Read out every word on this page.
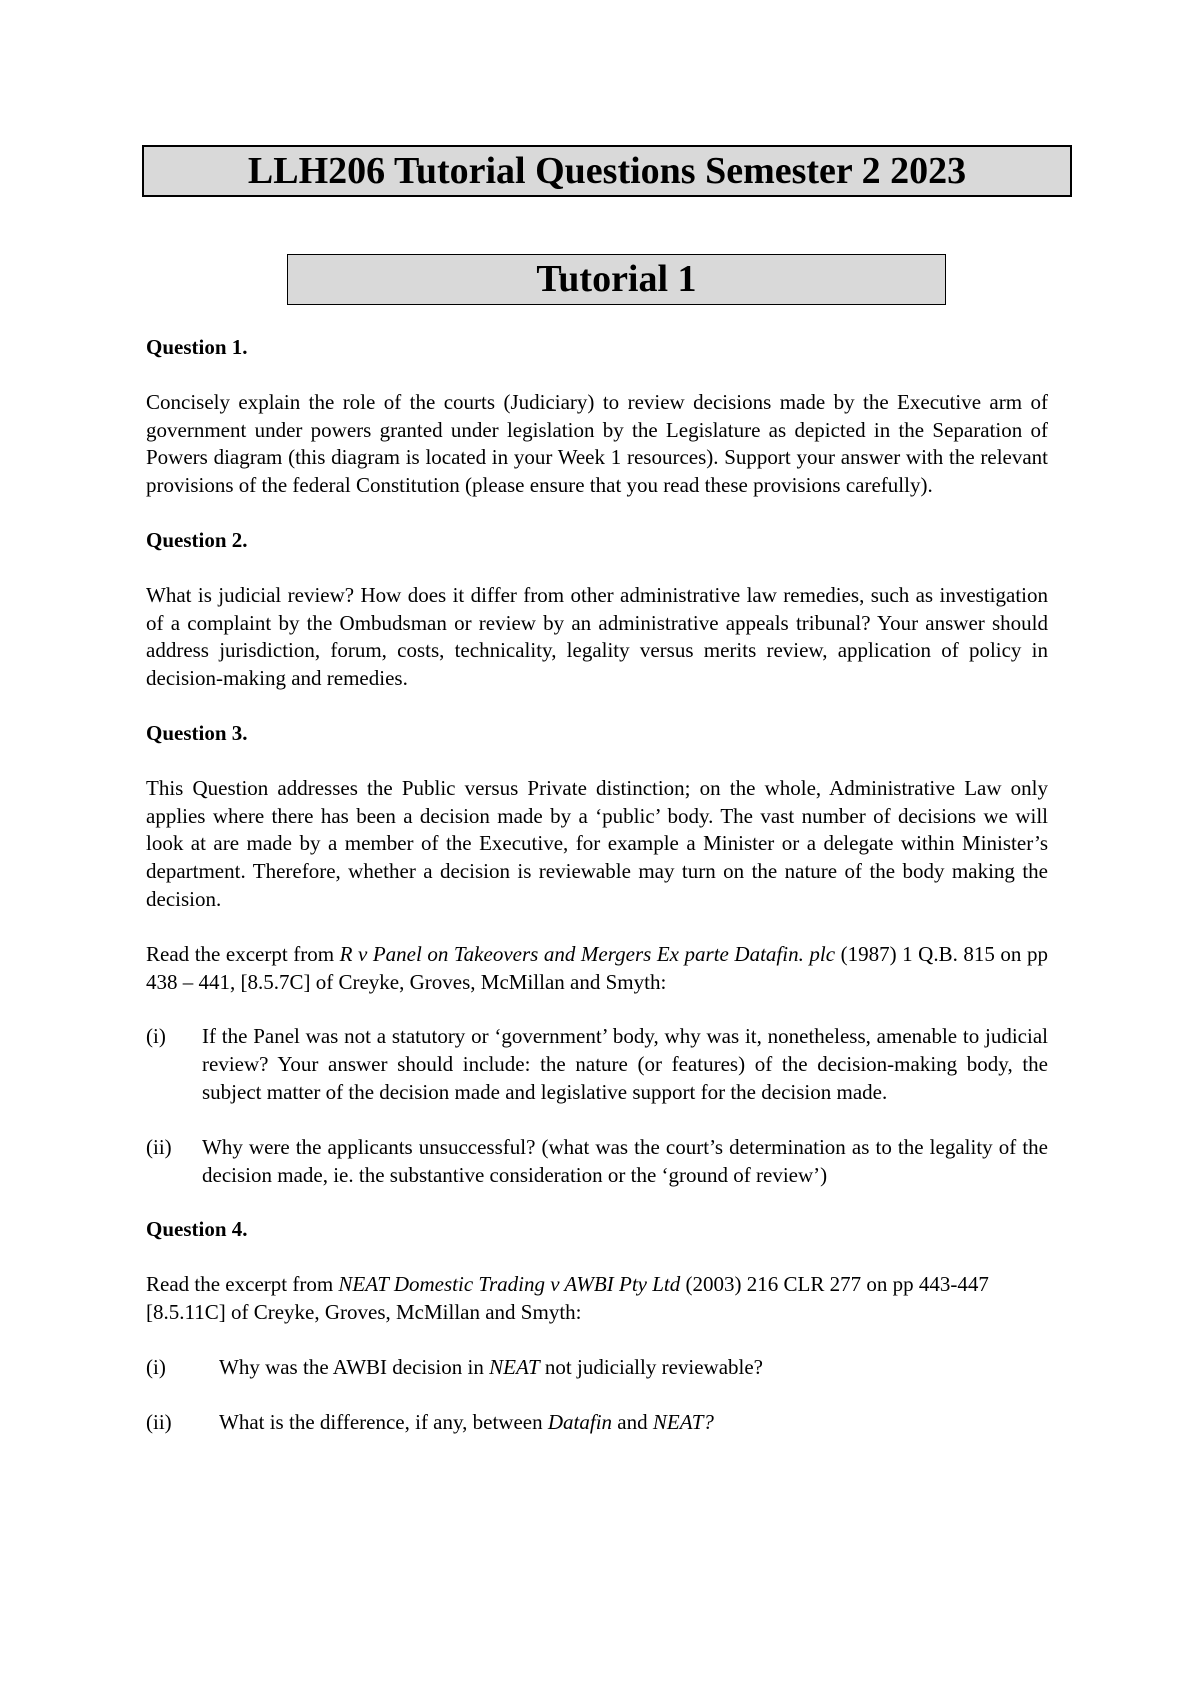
LLH206 Tutorial Questions Semester 2 2023
Tutorial 1
Question 1.
Concisely explain the role of the courts (Judiciary) to review decisions made by the Executive arm of government under powers granted under legislation by the Legislature as depicted in the Separation of Powers diagram (this diagram is located in your Week 1 resources). Support your answer with the relevant provisions of the federal Constitution (please ensure that you read these provisions carefully).
Question 2.
What is judicial review? How does it differ from other administrative law remedies, such as investigation of a complaint by the Ombudsman or review by an administrative appeals tribunal? Your answer should address jurisdiction, forum, costs, technicality, legality versus merits review, application of policy in decision-making and remedies.
Question 3.
This Question addresses the Public versus Private distinction; on the whole, Administrative Law only applies where there has been a decision made by a ‘public’ body. The vast number of decisions we will look at are made by a member of the Executive, for example a Minister or a delegate within Minister’s department. Therefore, whether a decision is reviewable may turn on the nature of the body making the decision.
Read the excerpt from R v Panel on Takeovers and Mergers Ex parte Datafin. plc (1987) 1 Q.B. 815 on pp 438 – 441, [8.5.7C] of Creyke, Groves, McMillan and Smyth:
(i)	If the Panel was not a statutory or ‘government’ body, why was it, nonetheless, amenable to judicial review? Your answer should include: the nature (or features) of the decision-making body, the subject matter of the decision made and legislative support for the decision made.
(ii)	Why were the applicants unsuccessful? (what was the court’s determination as to the legality of the decision made, ie. the substantive consideration or the ‘ground of review’)
Question 4.
Read the excerpt from NEAT Domestic Trading v AWBI Pty Ltd (2003) 216 CLR 277 on pp 443-447 [8.5.11C] of Creyke, Groves, McMillan and Smyth:
(i)	Why was the AWBI decision in NEAT not judicially reviewable?
(ii)	What is the difference, if any, between Datafin and NEAT?
